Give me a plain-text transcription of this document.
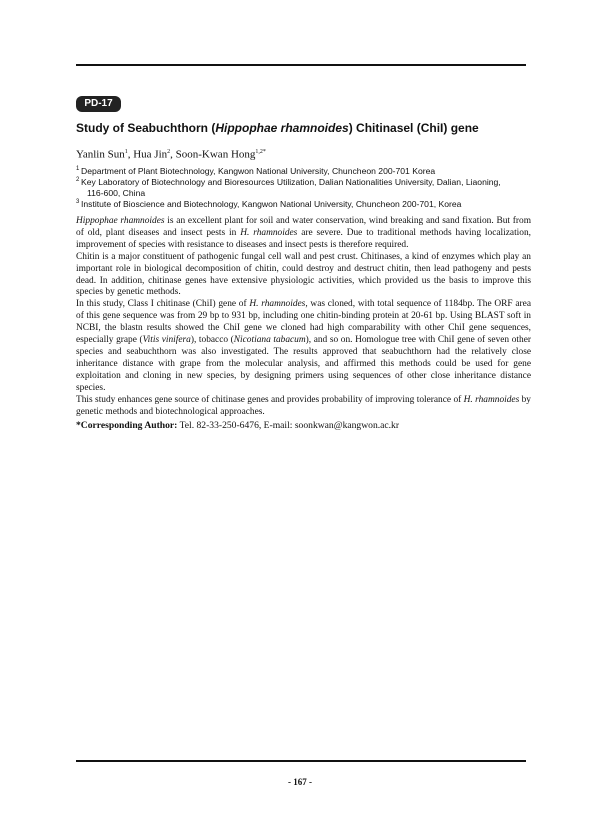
PD-17
Study of Seabuchthorn (Hippophae rhamnoides) Chitinasel (ChiI) gene
Yanlin Sun$^1$, Hua Jin$^2$, Soon-Kwan Hong$^{1,2*}$
1 Department of Plant Biotechnology, Kangwon National University, Chuncheon 200-701 Korea
2 Key Laboratory of Biotechnology and Bioresources Utilization, Dalian Nationalities University, Dalian, Liaoning,
116-600, China
3 Institute of Bioscience and Biotechnology, Kangwon National University, Chuncheon 200-701, Korea

Hippophae rhamnoides is an excellent plant for soil and water conservation, wind breaking and sand fixation. But from of old, plant diseases and insect pests in H. rhamnoides are severe. Due to traditional methods having localization, improvement of species with resistance to diseases and insect pests is therefore required.

Chitin is a major constituent of pathogenic fungal cell wall and pest crust. Chitinases, a kind of enzymes which play an important role in biological decomposition of chitin, could destroy and destruct chitin, then lead pathogeny and pests dead. In addition, chitinase genes have extensive physiologic activities, which provided us the basis to improve this species by genetic methods.

In this study, Class I chitinase (ChiI) gene of H. rhamnoides, was cloned, with total sequence of 1184bp. The ORF area of this gene sequence was from 29 bp to 931 bp, including one chitin-binding protein at 20-61 bp. Using BLAST soft in NCBI, the blastn results showed the ChiI gene we cloned had high comparability with other ChiI gene sequences, especially grape (Vitis vinifera), tobacco (Nicotiana tabacum), and so on. Homologue tree with ChiI gene of seven other species and seabuchthorn was also investigated. The results approved that seabuchthorn had the relatively close inheritance distance with grape from the molecular analysis, and affirmed this methods could be used for gene exploitation and cloning in new species, by designing primers using sequences of other close inheritance distance species.

This study enhances gene source of chitinase genes and provides probability of improving tolerance of H. rhamnoides by genetic methods and biotechnological approaches.

*Corresponding Author: Tel. 82-33-250-6476, E-mail: soonkwan@kangwon.ac.kr
- 167 -
